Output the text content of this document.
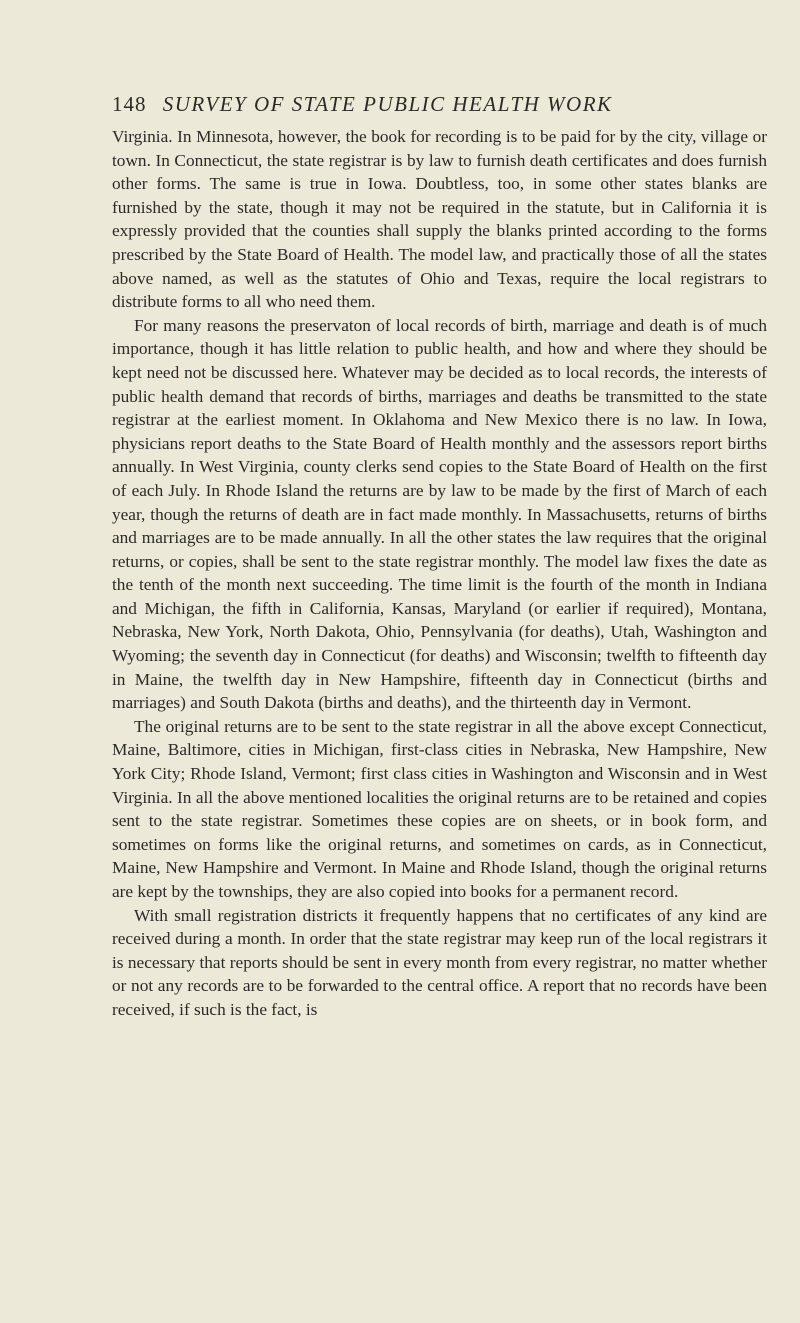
148 SURVEY OF STATE PUBLIC HEALTH WORK

Virginia. In Minnesota, however, the book for recording is to be paid for by the city, village or town. In Connecticut, the state registrar is by law to furnish death certificates and does furnish other forms. The same is true in Iowa. Doubtless, too, in some other states blanks are furnished by the state, though it may not be required in the statute, but in California it is expressly provided that the counties shall supply the blanks printed according to the forms prescribed by the State Board of Health. The model law, and practically those of all the states above named, as well as the statutes of Ohio and Texas, require the local registrars to distribute forms to all who need them.

For many reasons the preservaton of local records of birth, marriage and death is of much importance, though it has little relation to public health, and how and where they should be kept need not be discussed here. Whatever may be decided as to local records, the interests of public health demand that records of births, marriages and deaths be transmitted to the state registrar at the earliest moment. In Oklahoma and New Mexico there is no law. In Iowa, physicians report deaths to the State Board of Health monthly and the assessors report births annually. In West Virginia, county clerks send copies to the State Board of Health on the first of each July. In Rhode Island the returns are by law to be made by the first of March of each year, though the returns of death are in fact made monthly. In Massachusetts, returns of births and marriages are to be made annually. In all the other states the law requires that the original returns, or copies, shall be sent to the state registrar monthly. The model law fixes the date as the tenth of the month next succeeding. The time limit is the fourth of the month in Indiana and Michigan, the fifth in California, Kansas, Maryland (or earlier if required), Montana, Nebraska, New York, North Dakota, Ohio, Pennsylvania (for deaths), Utah, Washington and Wyoming; the seventh day in Connecticut (for deaths) and Wisconsin; twelfth to fifteenth day in Maine, the twelfth day in New Hampshire, fifteenth day in Connecticut (births and marriages) and South Dakota (births and deaths), and the thirteenth day in Vermont.

The original returns are to be sent to the state registrar in all the above except Connecticut, Maine, Baltimore, cities in Michigan, first-class cities in Nebraska, New Hampshire, New York City; Rhode Island, Vermont; first class cities in Washington and Wisconsin and in West Virginia. In all the above mentioned localities the original returns are to be retained and copies sent to the state registrar. Sometimes these copies are on sheets, or in book form, and sometimes on forms like the original returns, and sometimes on cards, as in Connecticut, Maine, New Hampshire and Vermont. In Maine and Rhode Island, though the original returns are kept by the townships, they are also copied into books for a permanent record.

With small registration districts it frequently happens that no certificates of any kind are received during a month. In order that the state registrar may keep run of the local registrars it is necessary that reports should be sent in every month from every registrar, no matter whether or not any records are to be forwarded to the central office. A report that no records have been received, if such is the fact, is
